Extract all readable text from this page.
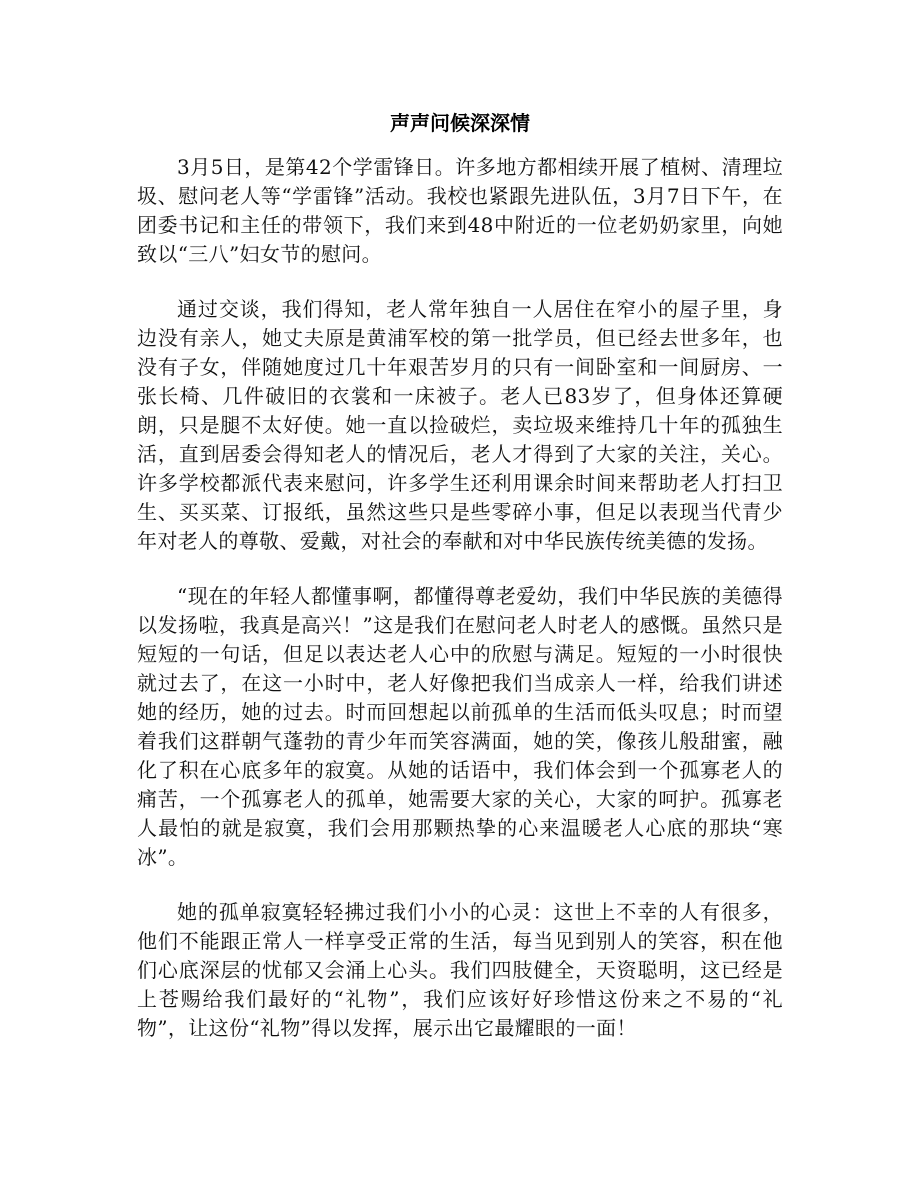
声声问候深深情

3月5日，是第42个学雷锋日。许多地方都相续开展了植树、清理垃圾、慰问老人等“学雷锋”活动。我校也紧跟先进队伍，3月7日下午，在团委书记和主任的带领下，我们来到48中附近的一位老奶奶家里，向她致以“三八”妇女节的慰问。

通过交谈，我们得知，老人常年独自一人居住在窄小的屋子里，身边没有亲人，她丈夫原是黄浦军校的第一批学员，但已经去世多年，也没有子女，伴随她度过几十年艰苦岁月的只有一间卧室和一间厨房、一张长椅、几件破旧的衣裳和一床被子。老人已83岁了，但身体还算硬朗，只是腿不太好使。她一直以捡破烂，卖垃圾来维持几十年的孤独生活，直到居委会得知老人的情况后，老人才得到了大家的关注，关心。许多学校都派代表来慰问，许多学生还利用课余时间来帮助老人打扫卫生、买买菜、订报纸，虽然这些只是些零碎小事，但足以表现当代青少年对老人的尊敬、爱戴，对社会的奉献和对中华民族传统美德的发扬。

“现在的年轻人都懂事啊，都懂得尊老爱幼，我们中华民族的美德得以发扬啦，我真是高兴！”这是我们在慰问老人时老人的感慨。虽然只是短短的一句话，但足以表达老人心中的欣慰与满足。短短的一小时很快就过去了，在这一小时中，老人好像把我们当成亲人一样，给我们讲述她的经历，她的过去。时而回想起以前孤单的生活而低头叹息；时而望着我们这群朝气蓬勃的青少年而笑容满面，她的笑，像孩儿般甜蜜，融化了积在心底多年的寂寞。从她的话语中，我们体会到一个孤寡老人的痛苦，一个孤寡老人的孤单，她需要大家的关心，大家的呵护。孤寡老人最怕的就是寂寞，我们会用那颗热挚的心来温暖老人心底的那块“寒冰”。

她的孤单寂寞轻轻拂过我们小小的心灵：这世上不幸的人有很多，他们不能跟正常人一样享受正常的生活，每当见到别人的笑容，积在他们心底深层的忧郁又会涌上心头。我们四肢健全，天资聪明，这已经是上苍赐给我们最好的“礼物”，我们应该好好珍惜这份来之不易的“礼物”，让这份“礼物”得以发挥，展示出它最耀眼的一面！
